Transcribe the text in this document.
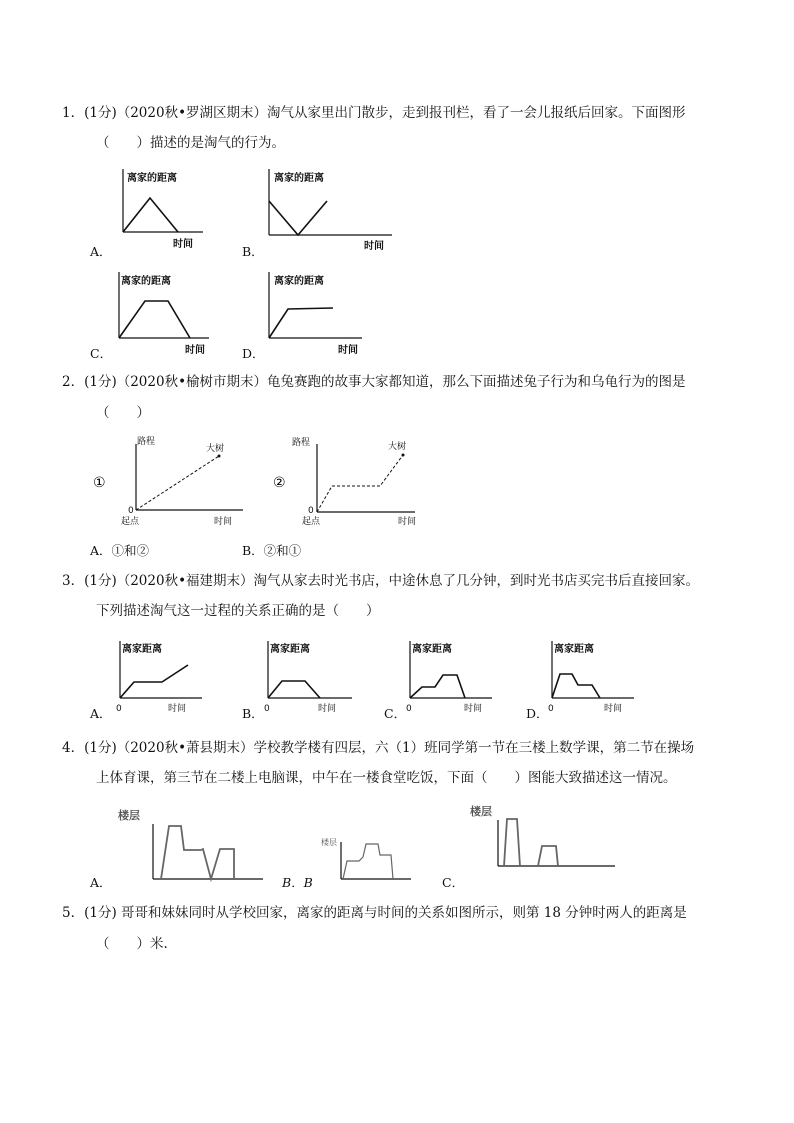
1．(1分)（2020秋•罗湖区期末）淘气从家里出门散步，走到报刊栏，看了一会儿报纸后回家。下面图形
（　　）描述的是淘气的行为。
A．
离家的距离
时间	B．
离家的距离
时间
C．
离家的距离
时间	D．
离家的距离
时间
2．(1分)（2020秋•榆树市期末）龟兔赛跑的故事大家都知道，那么下面描述兔子行为和乌龟行为的图是
（　　）
①
路程
大树
0
起点	时间
②
路程	大树
0
起点	时间
A．①和②	B．②和①
3．(1分)（2020秋•福建期末）淘气从家去时光书店，中途休息了几分钟，到时光书店买完书后直接回家。
下列描述淘气这一过程的关系正确的是（　　）
A．
离家距离
0	时间	B．
离家距离
0	时间	C．
离家距离
0	时间	D．
离家距离
0	时间
4．(1分)（2020秋•萧县期末）学校教学楼有四层，六（1）班同学第一节在三楼上数学课，第二节在操场
上体育课，第三节在二楼上电脑课，中午在一楼食堂吃饭，下面（　　）图能大致描述这一情况。
A．
楼层
B．B
楼层
C．
楼层
5．(1分) 哥哥和妹妹同时从学校回家，离家的距离与时间的关系如图所示，则第 18 分钟时两人的距离是
（　　）米.
